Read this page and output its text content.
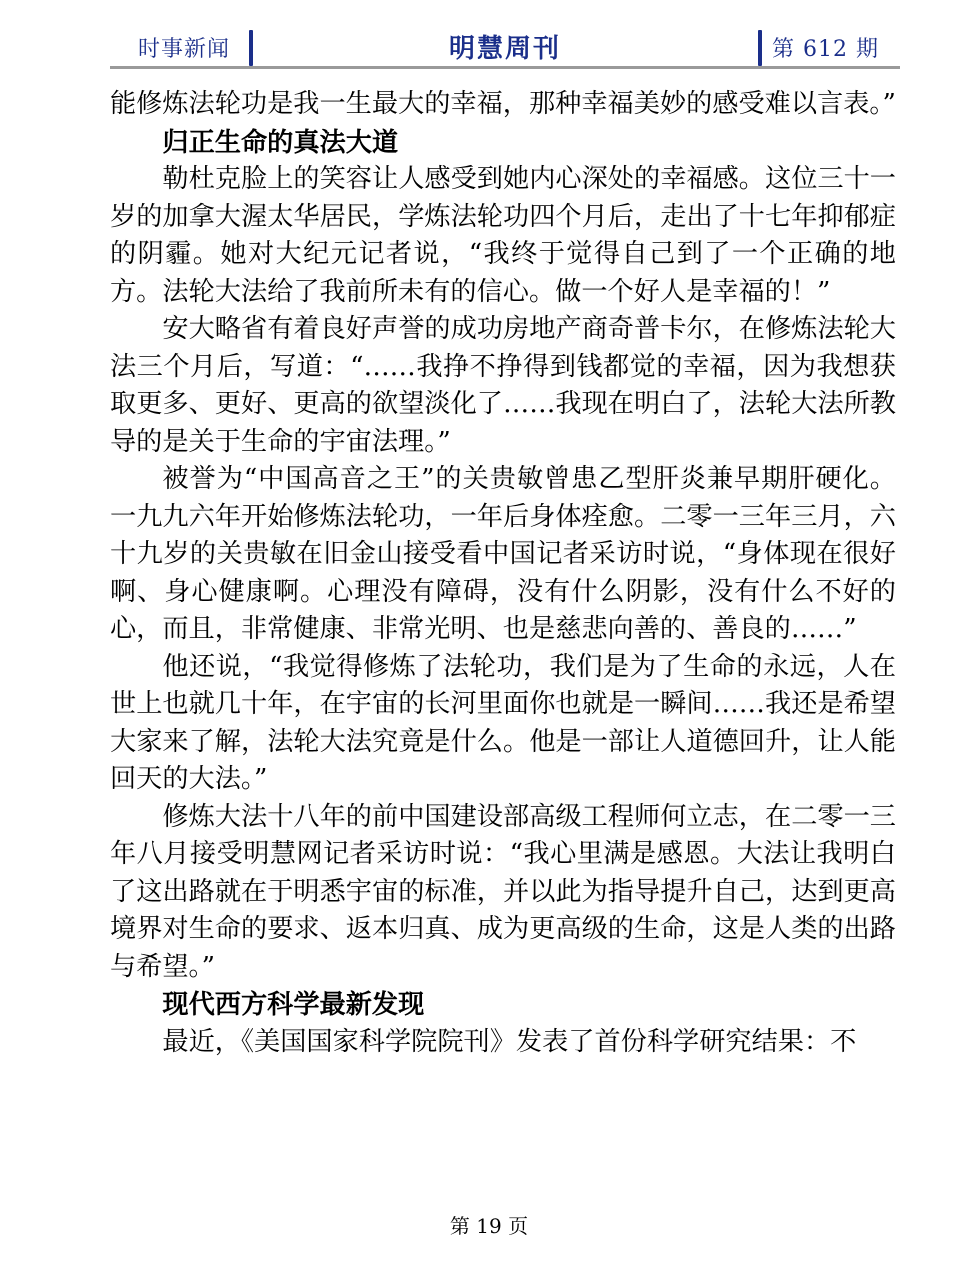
时事新闻	明慧周刊	第 612 期

能修炼法轮功是我一生最大的幸福，那种幸福美妙的感受难以言表。”

归正生命的真法大道

勒杜克脸上的笑容让人感受到她内心深处的幸福感。这位三十一岁的加拿大渥太华居民，学炼法轮功四个月后，走出了十七年抑郁症的阴霾。她对大纪元记者说，“我终于觉得自己到了一个正确的地方。法轮大法给了我前所未有的信心。做一个好人是幸福的！”

安大略省有着良好声誉的成功房地产商奇普卡尔，在修炼法轮大法三个月后，写道：“……我挣不挣得到钱都觉的幸福，因为我想获取更多、更好、更高的欲望淡化了……我现在明白了，法轮大法所教导的是关于生命的宇宙法理。”

被誉为“中国高音之王”的关贵敏曾患乙型肝炎兼早期肝硬化。一九九六年开始修炼法轮功，一年后身体痊愈。二零一三年三月，六十九岁的关贵敏在旧金山接受看中国记者采访时说，“身体现在很好啊、身心健康啊。心理没有障碍，没有什么阴影，没有什么不好的心，而且，非常健康、非常光明、也是慈悲向善的、善良的……”

他还说，“我觉得修炼了法轮功，我们是为了生命的永远，人在世上也就几十年，在宇宙的长河里面你也就是一瞬间……我还是希望大家来了解，法轮大法究竟是什么。他是一部让人道德回升，让人能回天的大法。”

修炼大法十八年的前中国建设部高级工程师何立志，在二零一三年八月接受明慧网记者采访时说：“我心里满是感恩。大法让我明白了这出路就在于明悉宇宙的标准，并以此为指导提升自己，达到更高境界对生命的要求、返本归真、成为更高级的生命，这是人类的出路与希望。”

现代西方科学最新发现

最近，《美国国家科学院院刊》发表了首份科学研究结果：不

第 19 页
